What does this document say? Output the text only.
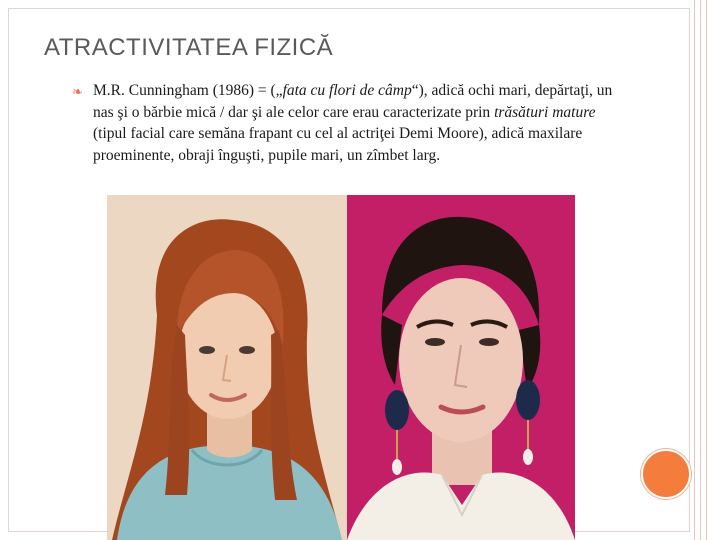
ATRACTIVITATEA FIZICĂ
❧ M.R. Cunningham (1986) = („fata cu flori de câmp“), adică ochi mari, depărtaţi, un nas şi o bărbie mică / dar şi ale celor care erau caracterizate prin trăsături mature (tipul facial care semăna frapant cu cel al actriţei Demi Moore), adică maxilare proeminente, obraji înguşti, pupile mari, un zîmbet larg.
